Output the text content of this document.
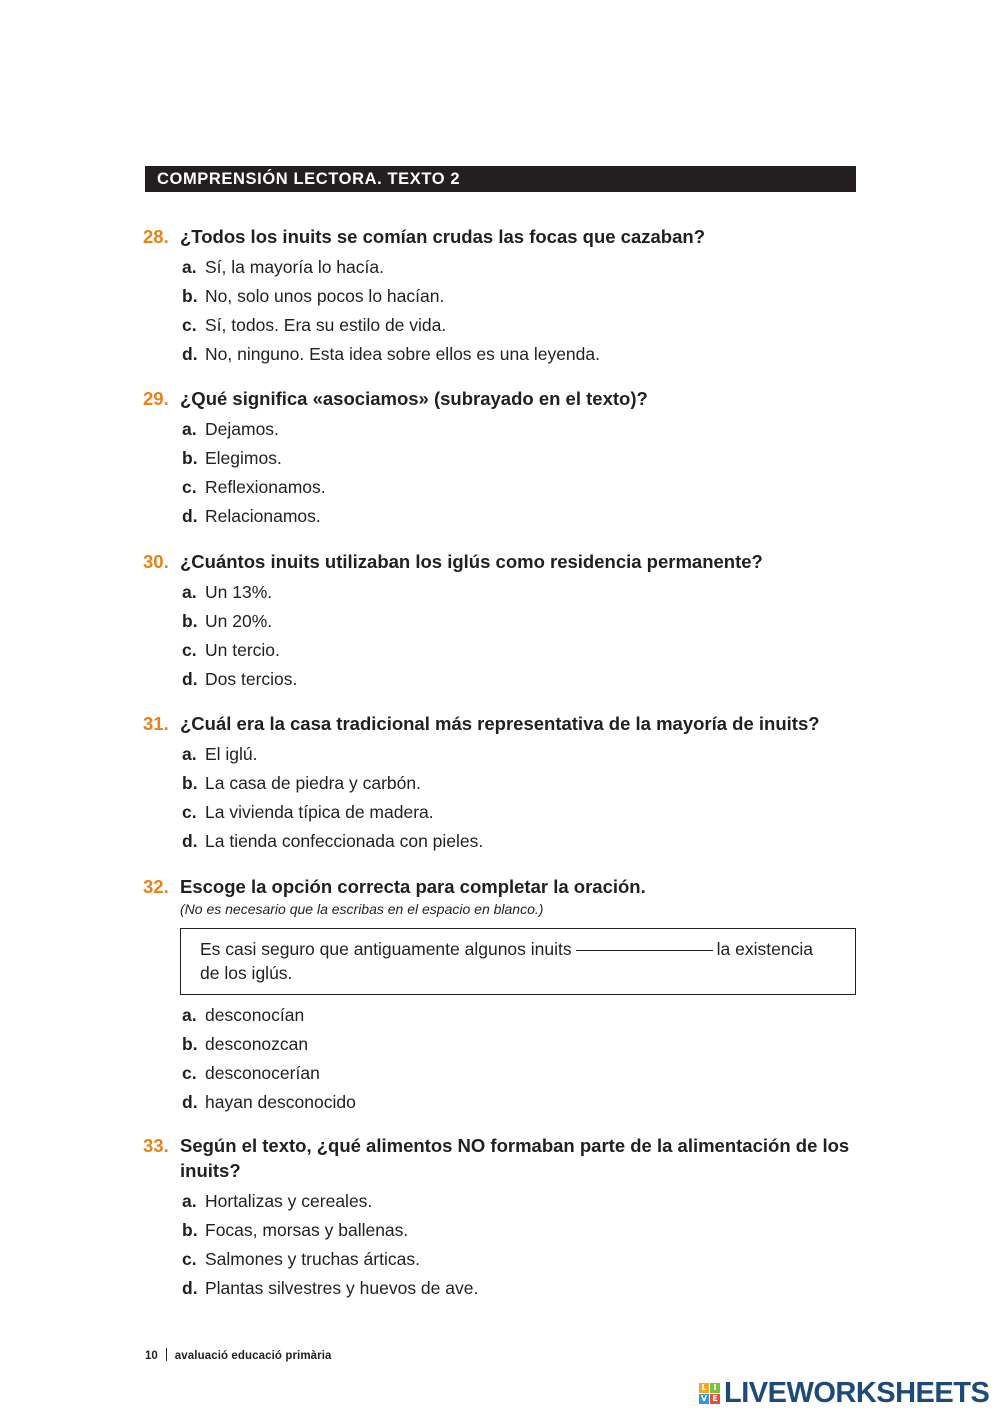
COMPRENSIÓN LECTORA. TEXTO 2
28. ¿Todos los inuits se comían crudas las focas que cazaban?
a. Sí, la mayoría lo hacía.
b. No, solo unos pocos lo hacían.
c. Sí, todos. Era su estilo de vida.
d. No, ninguno. Esta idea sobre ellos es una leyenda.
29. ¿Qué significa «asociamos» (subrayado en el texto)?
a. Dejamos.
b. Elegimos.
c. Reflexionamos.
d. Relacionamos.
30. ¿Cuántos inuits utilizaban los iglús como residencia permanente?
a. Un 13%.
b. Un 20%.
c. Un tercio.
d. Dos tercios.
31. ¿Cuál era la casa tradicional más representativa de la mayoría de inuits?
a. El iglú.
b. La casa de piedra y carbón.
c. La vivienda típica de madera.
d. La tienda confeccionada con pieles.
32. Escoge la opción correcta para completar la oración.
(No es necesario que la escribas en el espacio en blanco.)
Es casi seguro que antiguamente algunos inuits	la existencia
de los iglús.
a. desconocían
b. desconozcan
c. desconocerían
d. hayan desconocido
33. Según el texto, ¿qué alimentos NO formaban parte de la alimentación de los
inuits?
a. Hortalizas y cereales.
b. Focas, morsas y ballenas.
c. Salmones y truchas árticas.
d. Plantas silvestres y huevos de ave.
10 avaluació educació primària
L I
V E LIVEWORKSHEETS
